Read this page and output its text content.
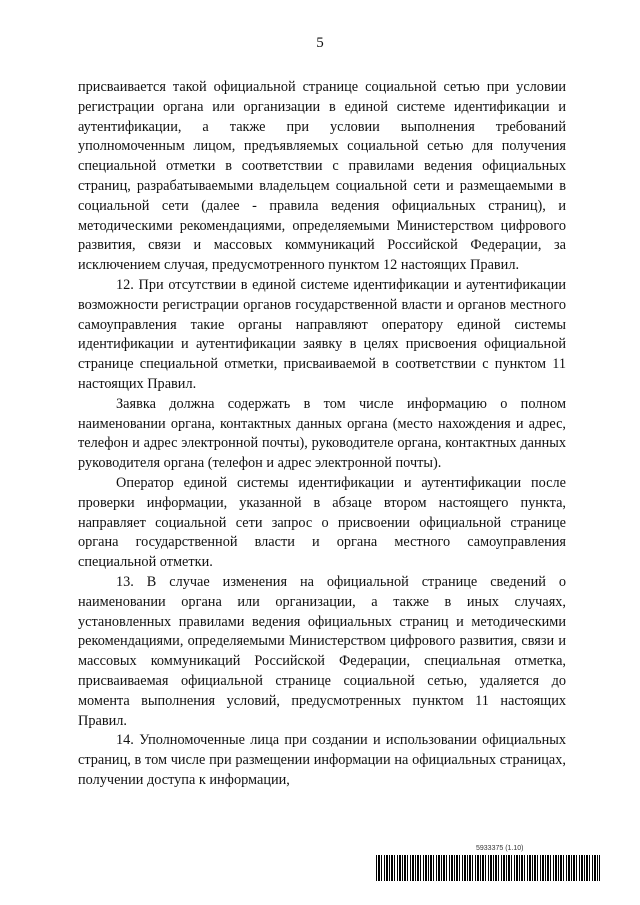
5

присваивается такой официальной странице социальной сетью при условии регистрации органа или организации в единой системе идентификации и аутентификации, а также при условии выполнения требований уполномоченным лицом, предъявляемых социальной сетью для получения специальной отметки в соответствии с правилами ведения официальных страниц, разрабатываемыми владельцем социальной сети и размещаемыми в социальной сети (далее - правила ведения официальных страниц), и методическими рекомендациями, определяемыми Министерством цифрового развития, связи и массовых коммуникаций Российской Федерации, за исключением случая, предусмотренного пунктом 12 настоящих Правил.

12. При отсутствии в единой системе идентификации и аутентификации возможности регистрации органов государственной власти и органов местного самоуправления такие органы направляют оператору единой системы идентификации и аутентификации заявку в целях присвоения официальной странице специальной отметки, присваиваемой в соответствии с пунктом 11 настоящих Правил.

Заявка должна содержать в том числе информацию о полном наименовании органа, контактных данных органа (место нахождения и адрес, телефон и адрес электронной почты), руководителе органа, контактных данных руководителя органа (телефон и адрес электронной почты).

Оператор единой системы идентификации и аутентификации после проверки информации, указанной в абзаце втором настоящего пункта, направляет социальной сети запрос о присвоении официальной странице органа государственной власти и органа местного самоуправления специальной отметки.

13. В случае изменения на официальной странице сведений о наименовании органа или организации, а также в иных случаях, установленных правилами ведения официальных страниц и методическими рекомендациями, определяемыми Министерством цифрового развития, связи и массовых коммуникаций Российской Федерации, специальная отметка, присваиваемая официальной странице социальной сетью, удаляется до момента выполнения условий, предусмотренных пунктом 11 настоящих Правил.

14. Уполномоченные лица при создании и использовании официальных страниц, в том числе при размещении информации на официальных страницах, получении доступа к информации,

5933375 (1.10)
